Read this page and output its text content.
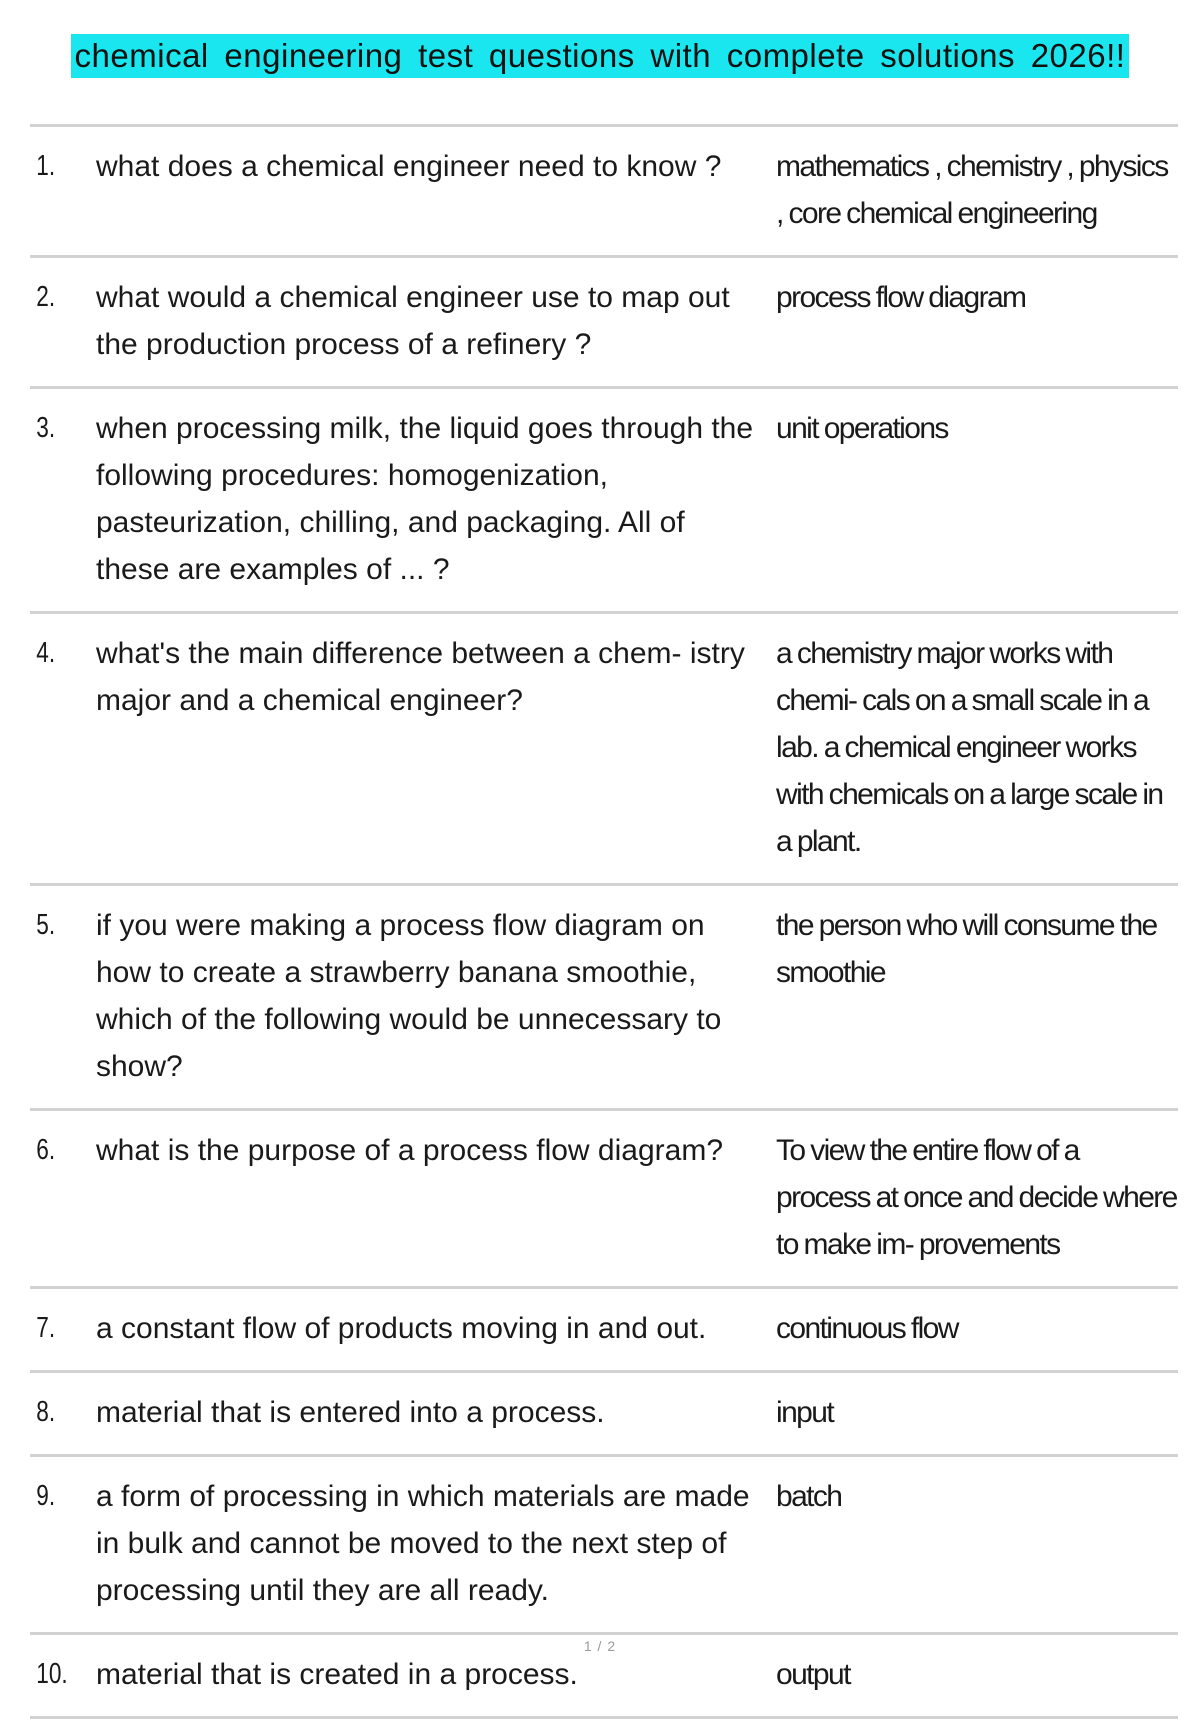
chemical engineering test questions with complete solutions 2026!!
1.	what does a chemical engineer need to know ?	mathematics , chemistry , physics , core chemical engineering
2.	what would a chemical engineer use to map out the production process of a refinery ?
process flow diagram
3.	when processing milk, the liquid goes through the following procedures: homogenization, pasteurization, chilling, and packaging. All of these are examples of ... ?
unit operations
4.	what's the main difference between a chem- istry major and a chemical engineer?
a chemistry major works with chemi- cals on a small scale in a lab. a chemical engineer works with chemicals on a large scale in a plant.
5.	if you were making a process flow diagram on how to create a strawberry banana smoothie, which of the following would be unnecessary to show?
the person who will consume the smoothie
6.	what is the purpose of a process flow diagram?	To view the entire flow of a process at once and decide where to make im- provements
7.	a constant flow of products moving in and out.	continuous flow
8.	material that is entered into a process.	input
9.	a form of processing in which materials are made in bulk and cannot be moved to the next step of processing until they are all ready.
batch
10. material that is created in a process.	output
1 / 2
